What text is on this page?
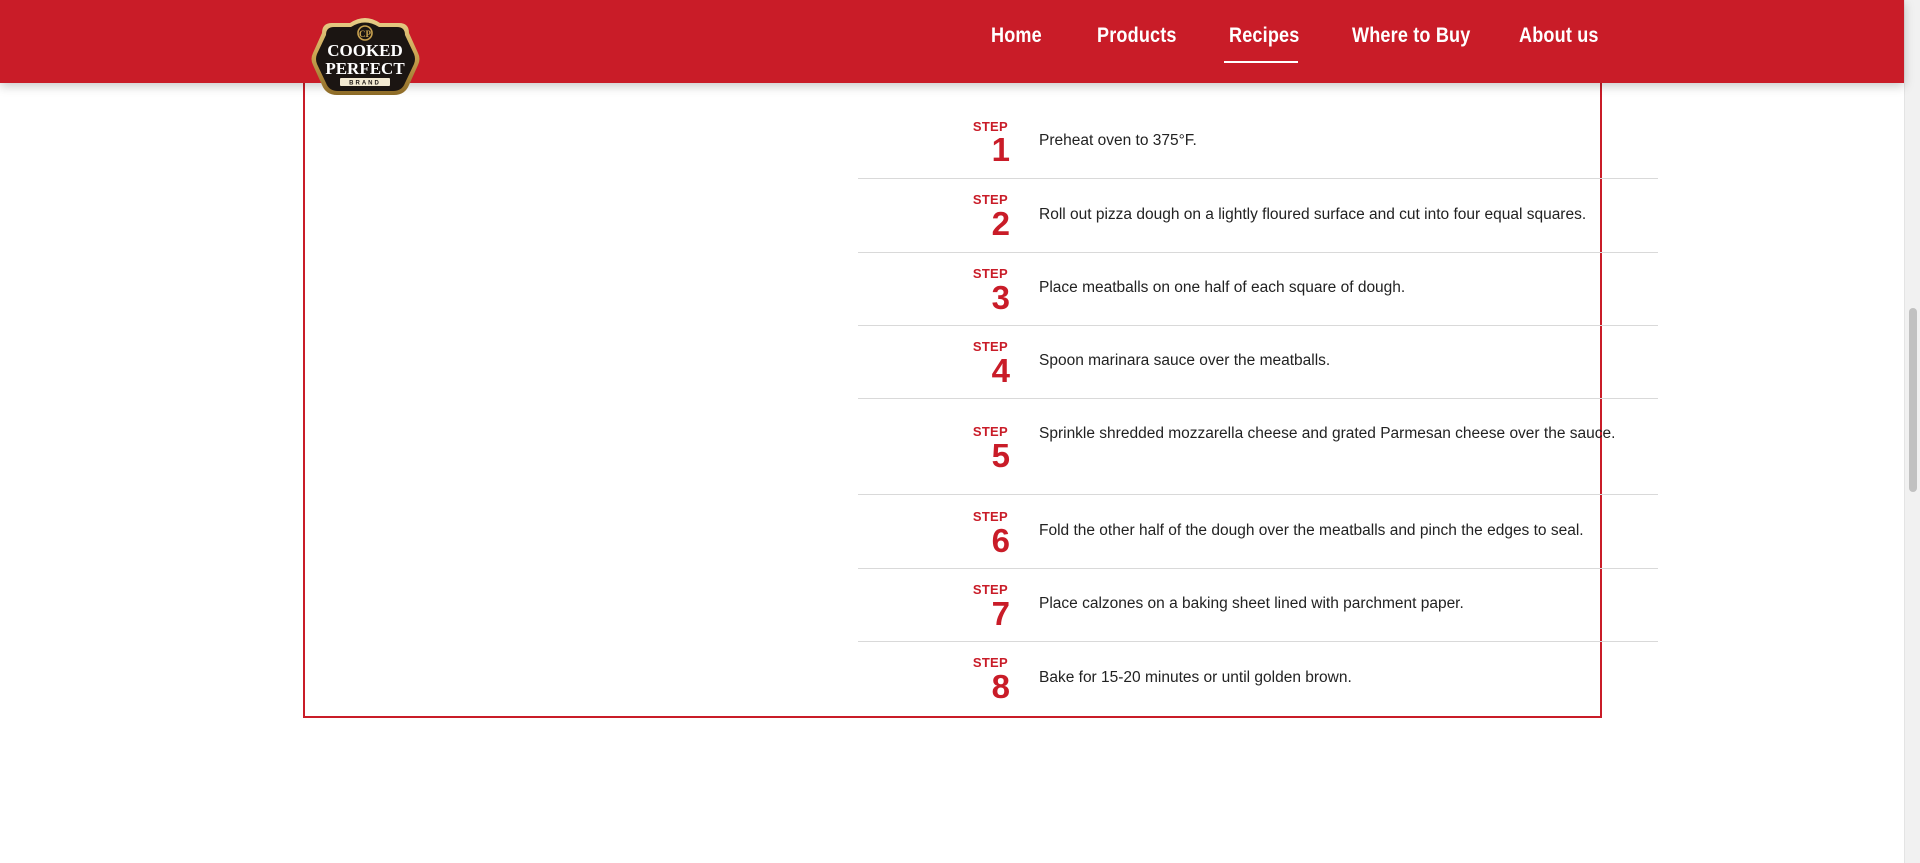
STEP
1 Preheat oven to 375°F.
STEP
2 Roll out pizza dough on a lightly floured surface and cut into four equal squares.
STEP
3 Place meatballs on one half of each square of dough.
STEP
4 Spoon marinara sauce over the meatballs.
STEP
5
Sprinkle shredded mozzarella cheese and grated Parmesan cheese over the sauce.
STEP
6 Fold the other half of the dough over the meatballs and pinch the edges to seal.
STEP
7 Place calzones on a baking sheet lined with parchment paper.
STEP
8 Bake for 15-20 minutes or until golden brown.
Home	Products Recipes	Where to Buy About us
CP
COOKED
PERFECT
BRAND
